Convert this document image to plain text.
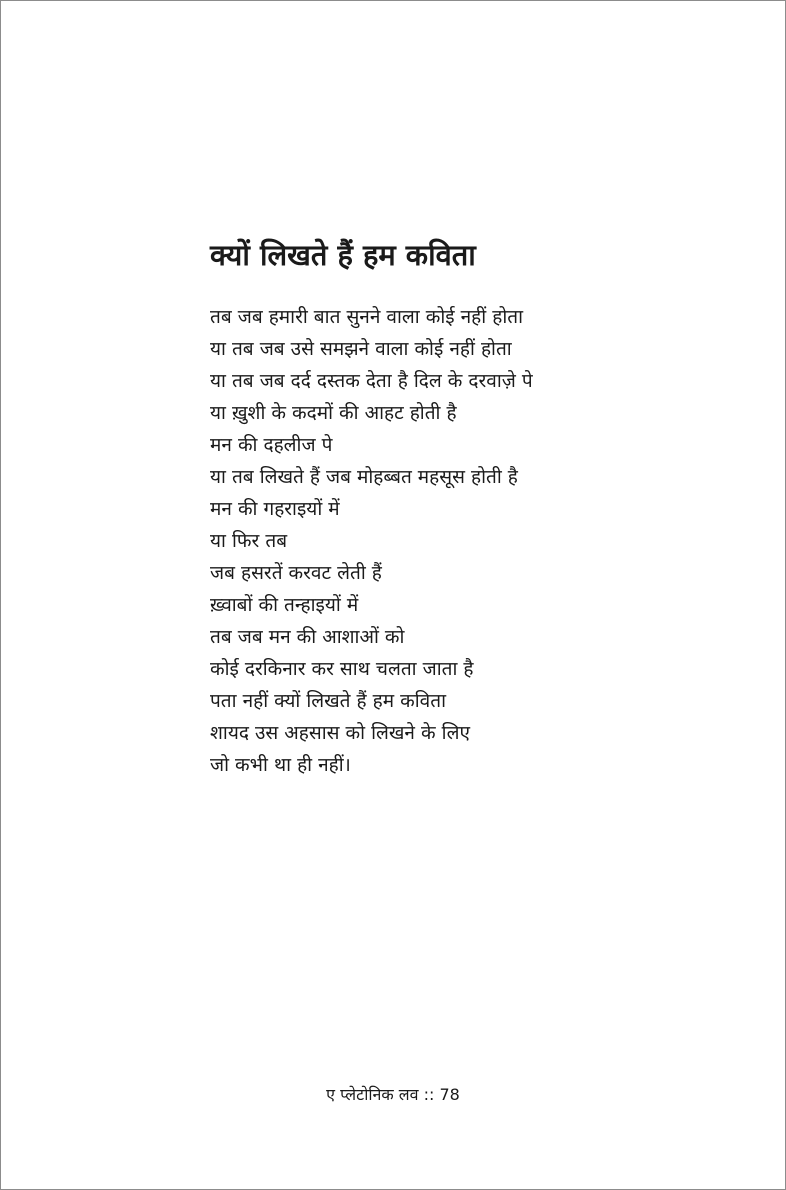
क्यों लिखते हैं हम कविता
तब जब हमारी बात सुनने वाला कोई नहीं होता
या तब जब उसे समझने वाला कोई नहीं होता
या तब जब दर्द दस्तक देता है दिल के दरवाज़े पे
या ख़ुशी के कदमों की आहट होती है
मन की दहलीज पे
या तब लिखते हैं जब मोहब्बत महसूस होती है
मन की गहराइयों में
या फिर तब
जब हसरतें करवट लेती हैं
ख़्वाबों की तन्हाइयों में
तब जब मन की आशाओं को
कोई दरकिनार कर साथ चलता जाता है
पता नहीं क्यों लिखते हैं हम कविता
शायद उस अहसास को लिखने के लिए
जो कभी था ही नहीं।
ए प्लेटोनिक लव :: 78
